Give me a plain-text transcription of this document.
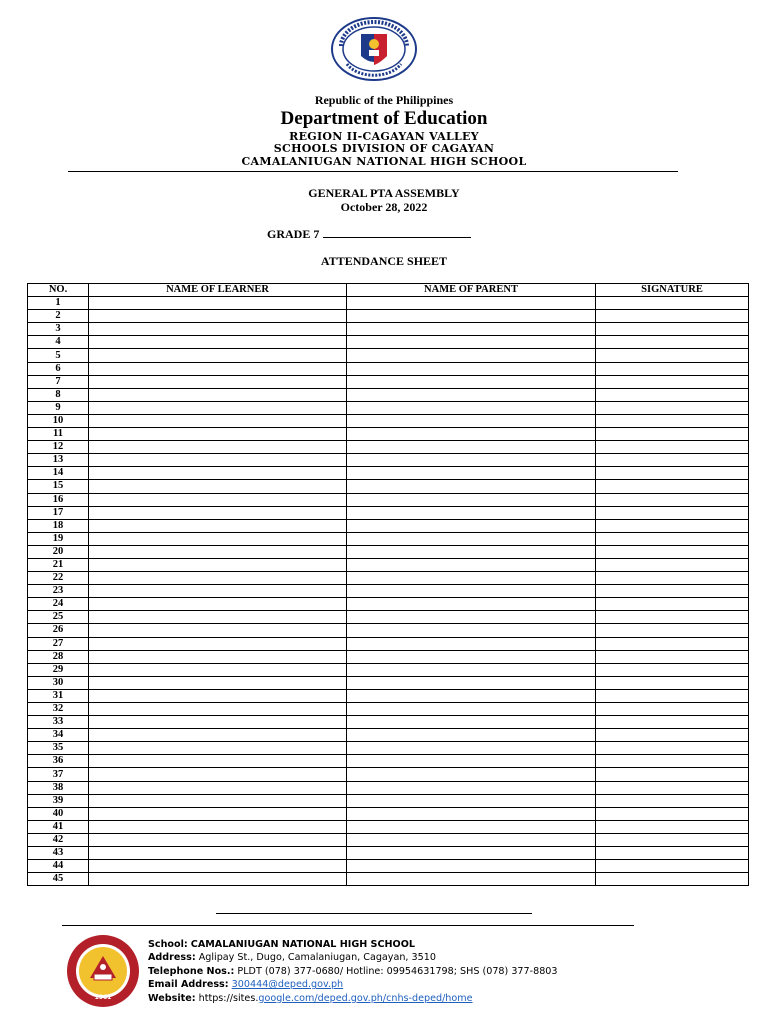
Republic of the Philippines
Department of Education
REGION II-CAGAYAN VALLEY
SCHOOLS DIVISION OF CAGAYAN
CAMALANIUGAN NATIONAL HIGH SCHOOL
GENERAL PTA ASSEMBLY
October 28, 2022
GRADE 7
ATTENDANCE SHEET
NO.	NAME OF LEARNER	NAME OF PARENT	SIGNATURE
1			
2			
3			
4			
5			
6			
7			
8			
9			
10			
11			
12			
13			
14			
15			
16			
17			
18			
19			
20			
21			
22			
23			
24			
25			
26			
27			
28			
29			
30			
31			
32			
33			
34			
35			
36			
37			
38			
39			
40			
41			
42			
43			
44			
45			
1961
School: CAMALANIUGAN NATIONAL HIGH SCHOOL
Address: Aglipay St., Dugo, Camalaniugan, Cagayan, 3510
Telephone Nos.: PLDT (078) 377-0680/ Hotline: 09954631798; SHS (078) 377-8803
Email Address: 300444@deped.gov.ph
Website: https://sites.google.com/deped.gov.ph/cnhs-deped/home
